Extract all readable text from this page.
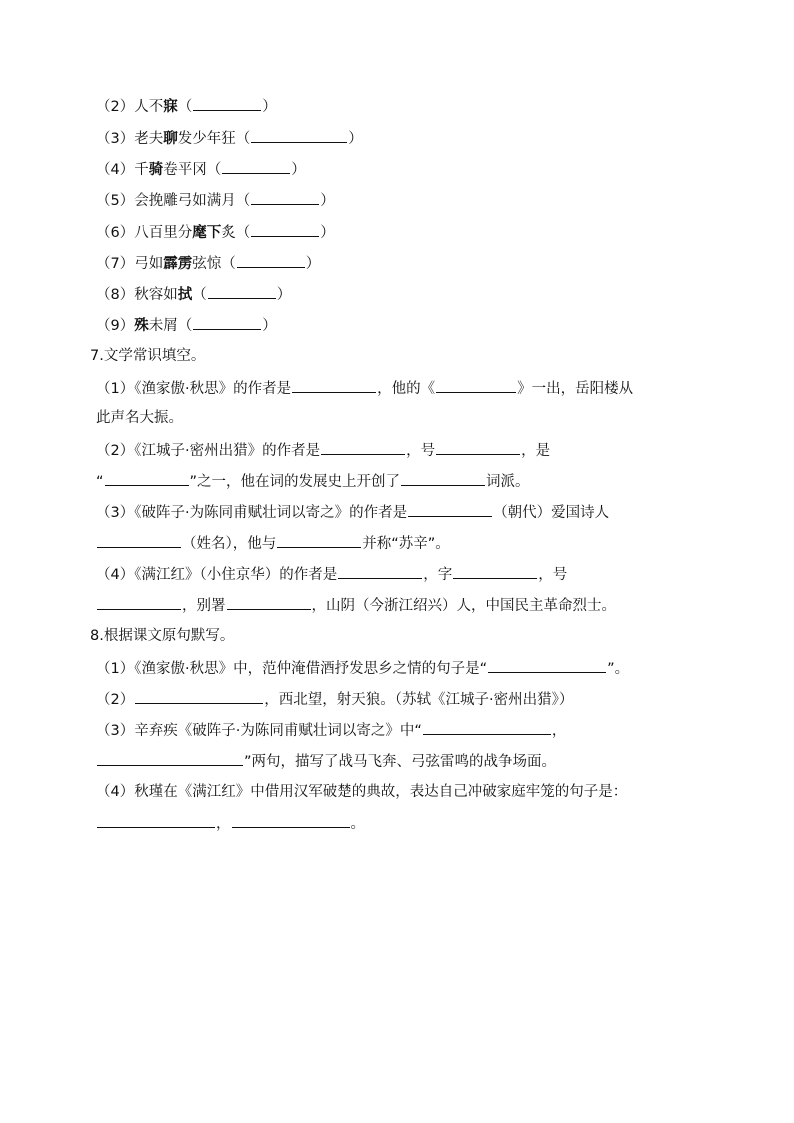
（2）人不寐（	）
（3）老夫聊发少年狂（	）
（4）千骑卷平冈（	）
（5）会挽雕弓如满月（	）
（6）八百里分麾下炙（	）
（7）弓如霹雳弦惊（	）
（8）秋容如拭（	）
（9）殊未屑（	）
7.文学常识填空。
（1）《渔家傲·秋思》的作者是	，他的《	》一出，岳阳楼从
此声名大振。
（2）《江城子·密州出猎》的作者是	，号	，是
“	”之一，他在词的发展史上开创了	词派。
（3）《破阵子·为陈同甫赋壮词以寄之》的作者是	（朝代）爱国诗人
（姓名），他与	并称“苏辛”。
（4）《满江红》（小住京华）的作者是	，字	，号
，别署	，山阴（今浙江绍兴）人，中国民主革命烈士。
8.根据课文原句默写。
（1）《渔家傲·秋思》中，范仲淹借酒抒发思乡之情的句子是“	”。
（2）	，西北望，射天狼。（苏轼《江城子·密州出猎》）
（3）辛弃疾《破阵子·为陈同甫赋壮词以寄之》中“	，
”两句，描写了战马飞奔、弓弦雷鸣的战争场面。
（4）秋瑾在《满江红》中借用汉军破楚的典故，表达自己冲破家庭牢笼的句子是：
，	。
